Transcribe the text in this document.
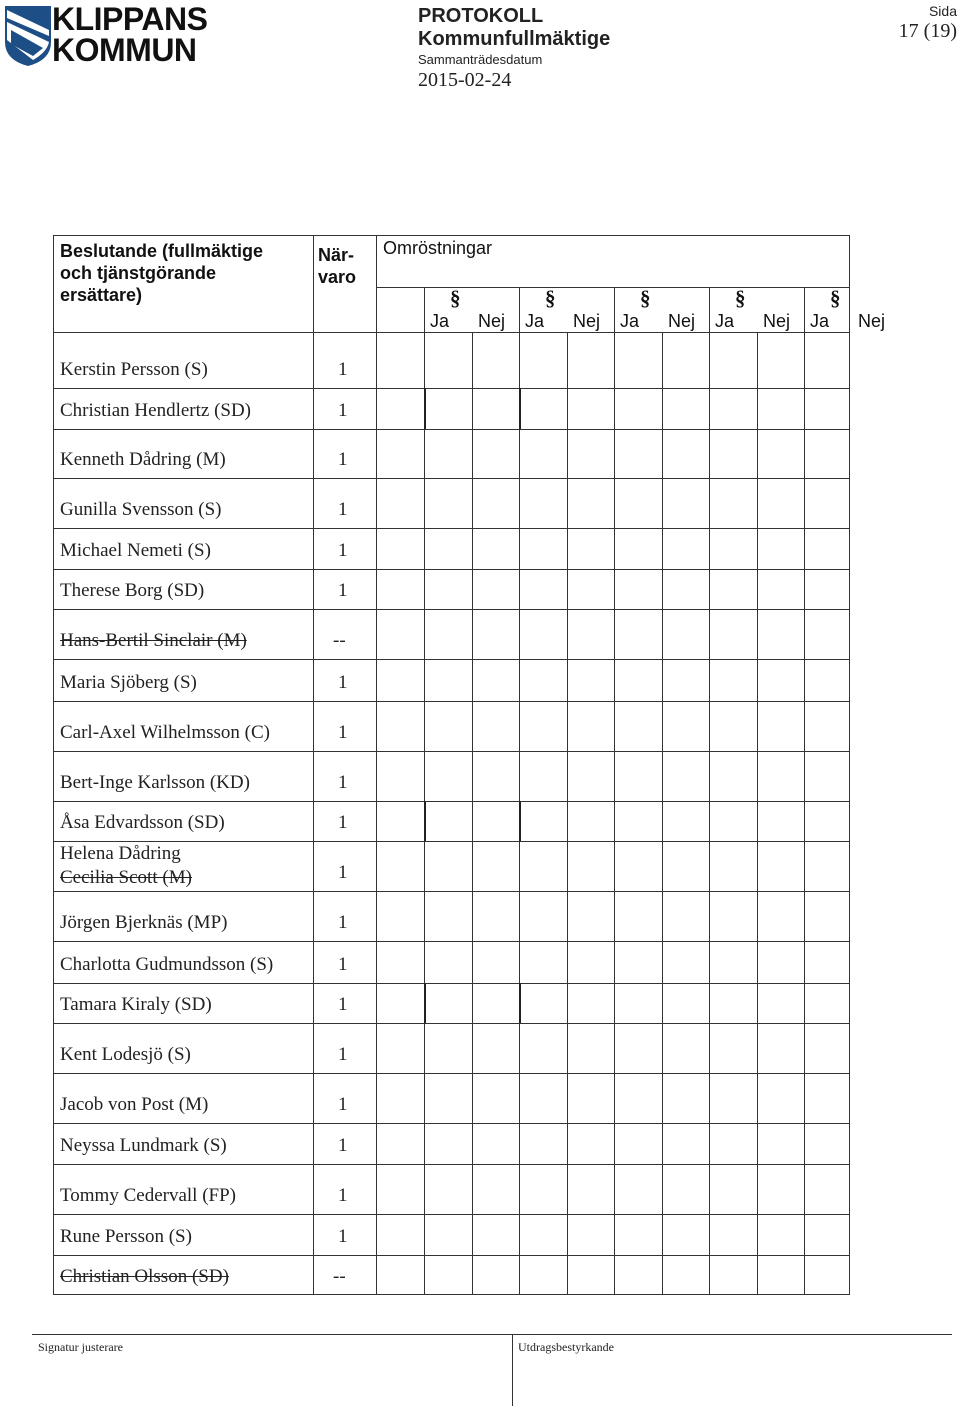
KLIPPANS
KOMMUN
PROTOKOLL
Kommunfullmäktige
Sammanträdesdatum
2015-02-24
Sida
17 (19)
Beslutande (fullmäktige
och tjänstgörande
ersättare)
När-
varo
Omröstningar
§
Ja Nej
§
Ja Nej
§
Ja Nej
§
Ja Nej
§
Ja Nej
Kerstin Persson (S)	1
Christian Hendlertz (SD)	1
Kenneth Dådring (M)	1
Gunilla Svensson (S)	1
Michael Nemeti (S)	1
Therese Borg (SD)	1
Hans-Bertil Sinclair (M)	--
Maria Sjöberg (S)	1
Carl-Axel Wilhelmsson (C)	1
Bert-Inge Karlsson (KD)	1
Åsa Edvardsson (SD)	1
Helena Dådring
Cecilia Scott (M)	1
Jörgen Bjerknäs (MP)	1
Charlotta Gudmundsson (S)	1
Tamara Kiraly (SD)	1
Kent Lodesjö (S)	1
Jacob von Post (M)	1
Neyssa Lundmark (S)	1
Tommy Cedervall (FP)	1
Rune Persson (S)	1
Christian Olsson (SD)	--
Signatur justerare	Utdragsbestyrkande
